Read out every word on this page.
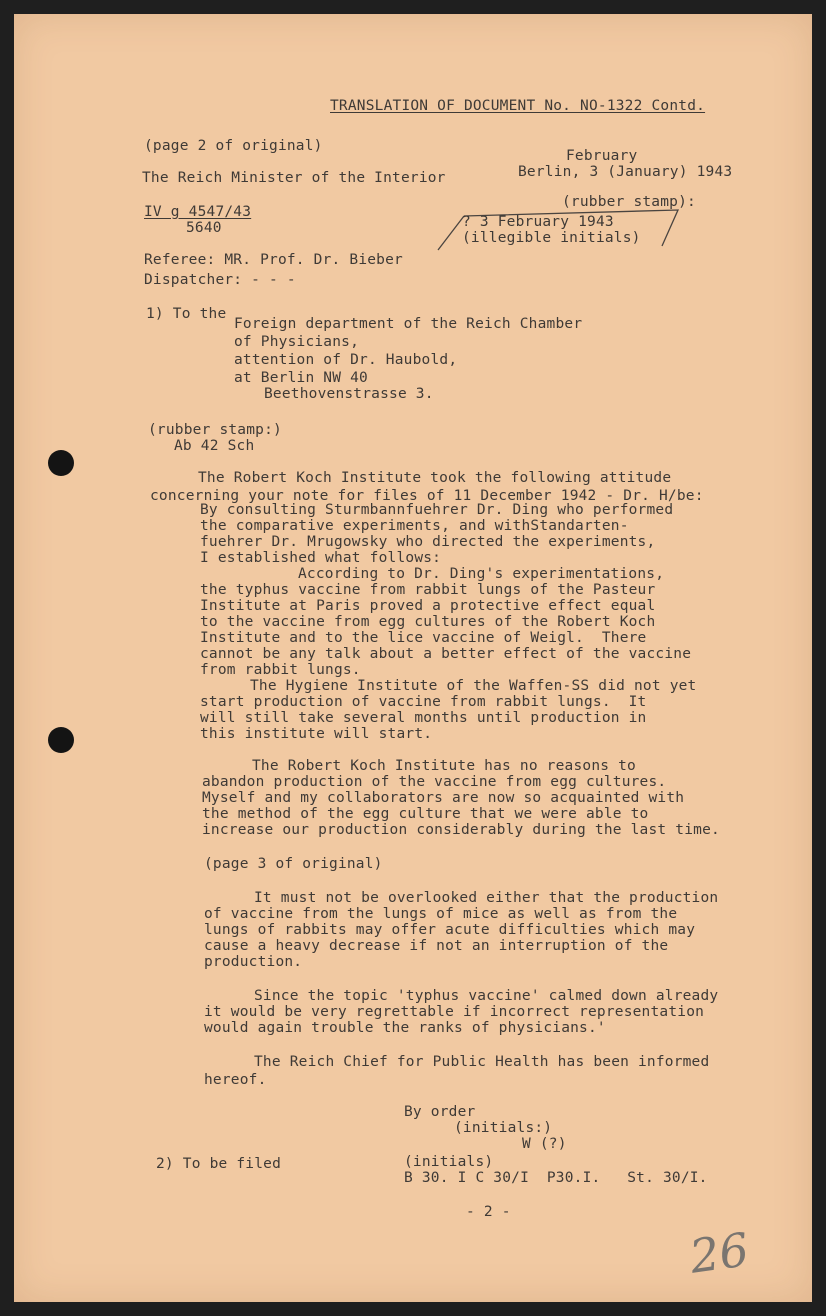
TRANSLATION OF DOCUMENT No. NO-1322 Contd.
(page 2 of original)
February
The Reich Minister of the Interior	Berlin, 3 (January) 1943
IV g 4547/43
5640
(rubber stamp):
? 3 February 1943
(illegible initials)
Referee: MR. Prof. Dr. Bieber
Dispatcher: - - -
1) To the
Foreign department of the Reich Chamber
of Physicians,
attention of Dr. Haubold,
at Berlin NW 40
Beethovenstrasse 3.
(rubber stamp:)
Ab 42 Sch
The Robert Koch Institute took the following attitude
concerning your note for files of 11 December 1942 - Dr. H/be:
By consulting Sturmbannfuehrer Dr. Ding who performed
the comparative experiments, and withStandarten-
fuehrer Dr. Mrugowsky who directed the experiments,
I established what follows:
According to Dr. Ding's experimentations,
the typhus vaccine from rabbit lungs of the Pasteur
Institute at Paris proved a protective effect equal
to the vaccine from egg cultures of the Robert Koch
Institute and to the lice vaccine of Weigl.  There
cannot be any talk about a better effect of the vaccine
from rabbit lungs.
The Hygiene Institute of the Waffen-SS did not yet
start production of vaccine from rabbit lungs.  It
will still take several months until production in
this institute will start.
The Robert Koch Institute has no reasons to
abandon production of the vaccine from egg cultures.
Myself and my collaborators are now so acquainted with
the method of the egg culture that we were able to
increase our production considerably during the last time.
(page 3 of original)
It must not be overlooked either that the production
of vaccine from the lungs of mice as well as from the
lungs of rabbits may offer acute difficulties which may
cause a heavy decrease if not an interruption of the
production.
Since the topic 'typhus vaccine' calmed down already
it would be very regrettable if incorrect representation
would again trouble the ranks of physicians.'
The Reich Chief for Public Health has been informed
hereof.
By order
(initials:)
W (?)
2) To be filed	(initials)
B 30. I C 30/I  P30.I.   St. 30/I.
- 2 -
26
